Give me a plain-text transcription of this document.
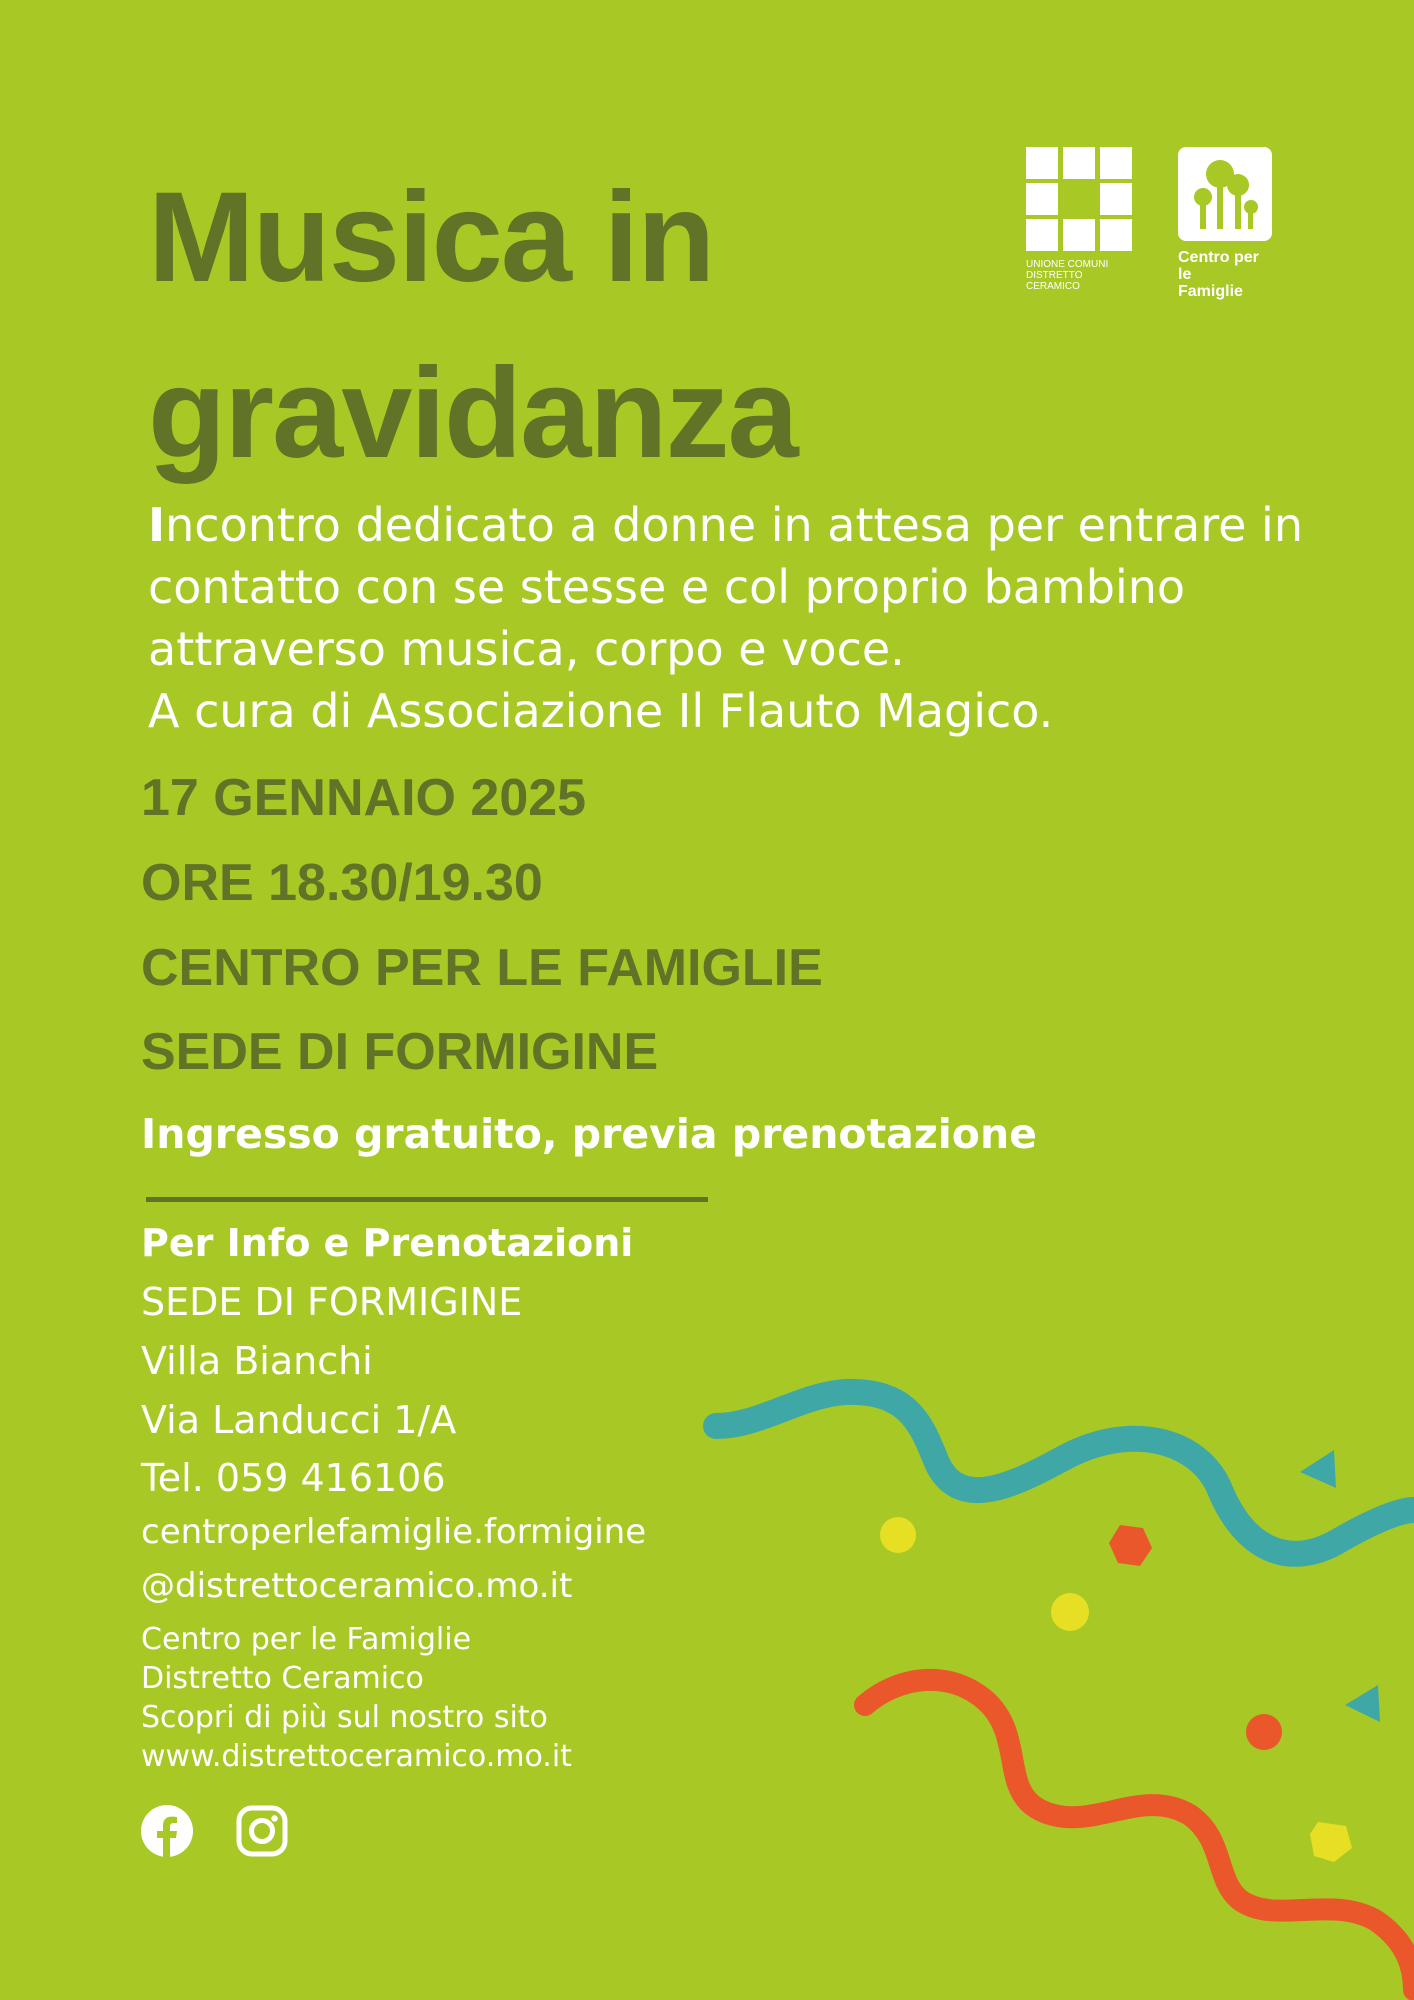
UNIONE COMUNI
DISTRETTO CERAMICO
Centro per le
Famiglie
Musica in
gravidanza

Incontro dedicato a donne in attesa per entrare in
contatto con se stesse e col proprio bambino
attraverso musica, corpo e voce.
A cura di Associazione Il Flauto Magico.

17 GENNAIO 2025

ORE 18.30/19.30

CENTRO PER LE FAMIGLIE

SEDE DI FORMIGINE

Ingresso gratuito, previa prenotazione

Per Info e Prenotazioni

SEDE DI FORMIGINE

Villa Bianchi

Via Landucci 1/A

Tel. 059 416106

centroperlefamiglie.formigine

@distrettoceramico.mo.it

Centro per le Famiglie
Distretto Ceramico
Scopri di più sul nostro sito
www.distrettoceramico.mo.it
